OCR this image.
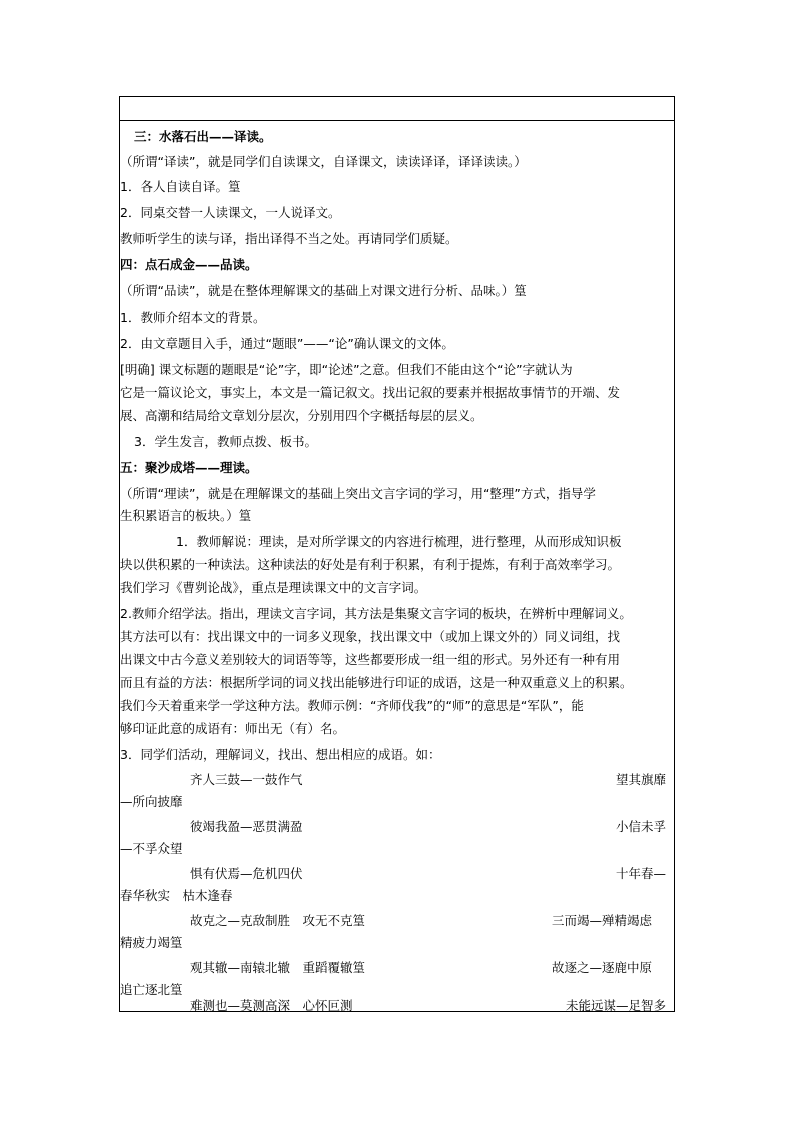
三：水落石出——译读。
（所谓“译读”，就是同学们自读课文，自译课文，读读译译，译译读读。）
1．各人自读自译。篁
2．同桌交替一人读课文，一人说译文。
教师听学生的读与译，指出译得不当之处。再请同学们质疑。
四：点石成金——品读。
（所谓“品读”，就是在整体理解课文的基础上对课文进行分析、品味。）篁
1．教师介绍本文的背景。
2．由文章题目入手，通过“题眼”——“论”确认课文的文体。
[明确] 课文标题的题眼是“论”字，即“论述”之意。但我们不能由这个“论”字就认为
它是一篇议论文，事实上，本文是一篇记叙文。找出记叙的要素并根据故事情节的开端、发
展、高潮和结局给文章划分层次，分别用四个字概括每层的层义。
3．学生发言，教师点拨、板书。
五：聚沙成塔——理读。
（所谓“理读”，就是在理解课文的基础上突出文言字词的学习，用“整理”方式，指导学
生积累语言的板块。）篁
1．教师解说：理读，是对所学课文的内容进行梳理，进行整理，从而形成知识板
块以供积累的一种读法。这种读法的好处是有利于积累，有利于提炼，有利于高效率学习。
我们学习《曹刿论战》，重点是理读课文中的文言字词。
2.教师介绍学法。指出，理读文言字词，其方法是集聚文言字词的板块，在辨析中理解词义。
其方法可以有：找出课文中的一词多义现象，找出课文中（或加上课文外的）同义词组，找
出课文中古今意义差别较大的词语等等，这些都要形成一组一组的形式。另外还有一种有用
而且有益的方法：根据所学词的词义找出能够进行印证的成语，这是一种双重意义上的积累。
我们今天着重来学一学这种方法。教师示例：“齐师伐我”的“师”的意思是“军队”，能
够印证此意的成语有：师出无（有）名。
3．同学们活动，理解词义，找出、想出相应的成语。如：
齐人三鼓—一鼓作气	望其旗靡
—所向披靡
彼竭我盈—恶贯满盈	小信未孚
—不孚众望
惧有伏焉—危机四伏	十年春—
春华秋实　枯木逢春
故克之—克敌制胜　攻无不克篁	三而竭—殚精竭虑
精疲力竭篁
观其辙—南辕北辙　重蹈覆辙篁	故逐之—逐鹿中原
追亡逐北篁
难测也—莫测高深　心怀叵测	未能远谋—足智多
